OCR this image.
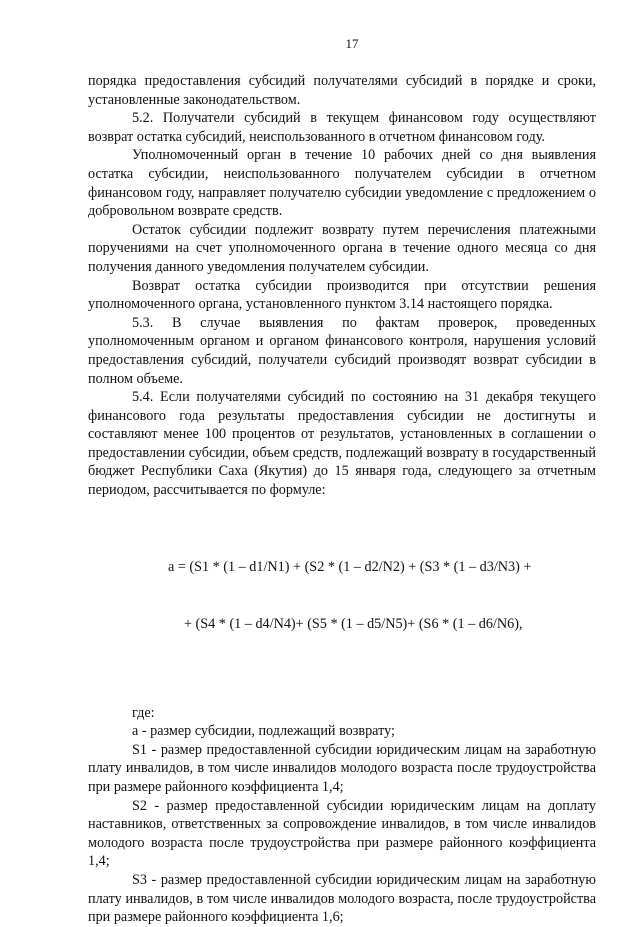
17

порядка предоставления субсидий получателями субсидий в порядке и сроки, установленные законодательством.

5.2. Получатели субсидий в текущем финансовом году осуществляют возврат остатка субсидий, неиспользованного в отчетном финансовом году.

Уполномоченный орган в течение 10 рабочих дней со дня выявления остатка субсидии, неиспользованного получателем субсидии в отчетном финансовом году, направляет получателю субсидии уведомление с предложением о добровольном возврате средств.

Остаток субсидии подлежит возврату путем перечисления платежными поручениями на счет уполномоченного органа в течение одного месяца со дня получения данного уведомления получателем субсидии.

Возврат остатка субсидии производится при отсутствии решения уполномоченного органа, установленного пунктом 3.14 настоящего порядка.

5.3. В случае выявления по фактам проверок, проведенных уполномоченным органом и органом финансового контроля, нарушения условий предоставления субсидий, получатели субсидий производят возврат субсидии в полном объеме.

5.4. Если получателями субсидий по состоянию на 31 декабря текущего финансового года результаты предоставления субсидии не достигнуты и составляют менее 100 процентов от результатов, установленных в соглашении о предоставлении субсидии, объем средств, подлежащий возврату в государственный бюджет Республики Саха (Якутия) до 15 января года, следующего за отчетным периодом, рассчитывается по формуле:

a = (S1 * (1 – d1/N1) + (S2 * (1 – d2/N2) + (S3 * (1 – d3/N3) +

+ (S4 * (1 – d4/N4)+ (S5 * (1 – d5/N5)+ (S6 * (1 – d6/N6),

где:

a - размер субсидии, подлежащий возврату;

S1 - размер предоставленной субсидии юридическим лицам на заработную плату инвалидов, в том числе инвалидов молодого возраста после трудоустройства при размере районного коэффициента 1,4;

S2 - размер предоставленной субсидии юридическим лицам на доплату наставников, ответственных за сопровождение инвалидов, в том числе инвалидов молодого возраста после трудоустройства при размере районного коэффициента 1,4;

S3 - размер предоставленной субсидии юридическим лицам на заработную плату инвалидов, в том числе инвалидов молодого возраста, после трудоустройства при размере районного коэффициента 1,6;
